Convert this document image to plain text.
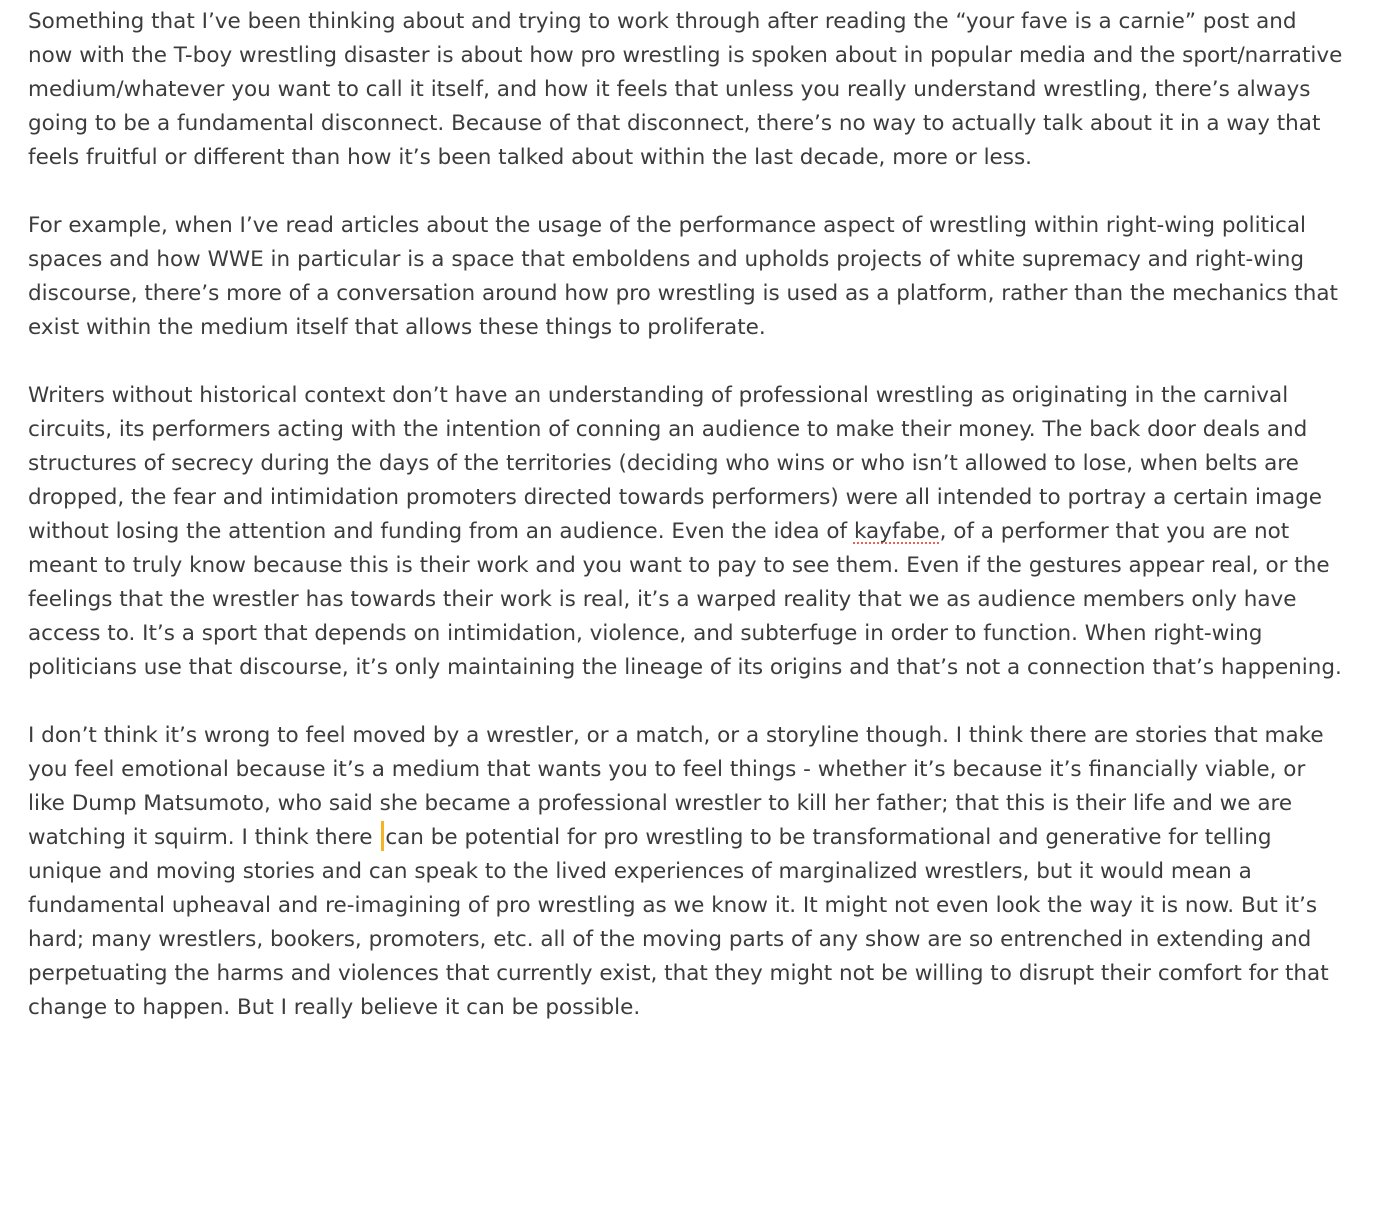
Something that I’ve been thinking about and trying to work through after reading the “your fave is a carnie” post and now with the T-boy wrestling disaster is about how pro wrestling is spoken about in popular media and the sport/narrative medium/whatever you want to call it itself, and how it feels that unless you really understand wrestling, there’s always going to be a fundamental disconnect. Because of that disconnect, there’s no way to actually talk about it in a way that feels fruitful or different than how it’s been talked about within the last decade, more or less.

For example, when I’ve read articles about the usage of the performance aspect of wrestling within right-wing political spaces and how WWE in particular is a space that emboldens and upholds projects of white supremacy and right-wing discourse, there’s more of a conversation around how pro wrestling is used as a platform, rather than the mechanics that exist within the medium itself that allows these things to proliferate.

Writers without historical context don’t have an understanding of professional wrestling as originating in the carnival circuits, its performers acting with the intention of conning an audience to make their money. The back door deals and structures of secrecy during the days of the territories (deciding who wins or who isn’t allowed to lose, when belts are dropped, the fear and intimidation promoters directed towards performers) were all intended to portray a certain image without losing the attention and funding from an audience. Even the idea of kayfabe, of a performer that you are not meant to truly know because this is their work and you want to pay to see them. Even if the gestures appear real, or the feelings that the wrestler has towards their work is real, it’s a warped reality that we as audience members only have access to. It’s a sport that depends on intimidation, violence, and subterfuge in order to function. When right-wing politicians use that discourse, it’s only maintaining the lineage of its origins and that’s not a connection that’s happening.

I don’t think it’s wrong to feel moved by a wrestler, or a match, or a storyline though. I think there are stories that make you feel emotional because it’s a medium that wants you to feel things - whether it’s because it’s financially viable, or like Dump Matsumoto, who said she became a professional wrestler to kill her father; that this is their life and we are watching it squirm. I think there can be potential for pro wrestling to be transformational and generative for telling unique and moving stories and can speak to the lived experiences of marginalized wrestlers, but it would mean a fundamental upheaval and re-imagining of pro wrestling as we know it. It might not even look the way it is now. But it’s hard; many wrestlers, bookers, promoters, etc. all of the moving parts of any show are so entrenched in extending and perpetuating the harms and violences that currently exist, that they might not be willing to disrupt their comfort for that change to happen. But I really believe it can be possible.
